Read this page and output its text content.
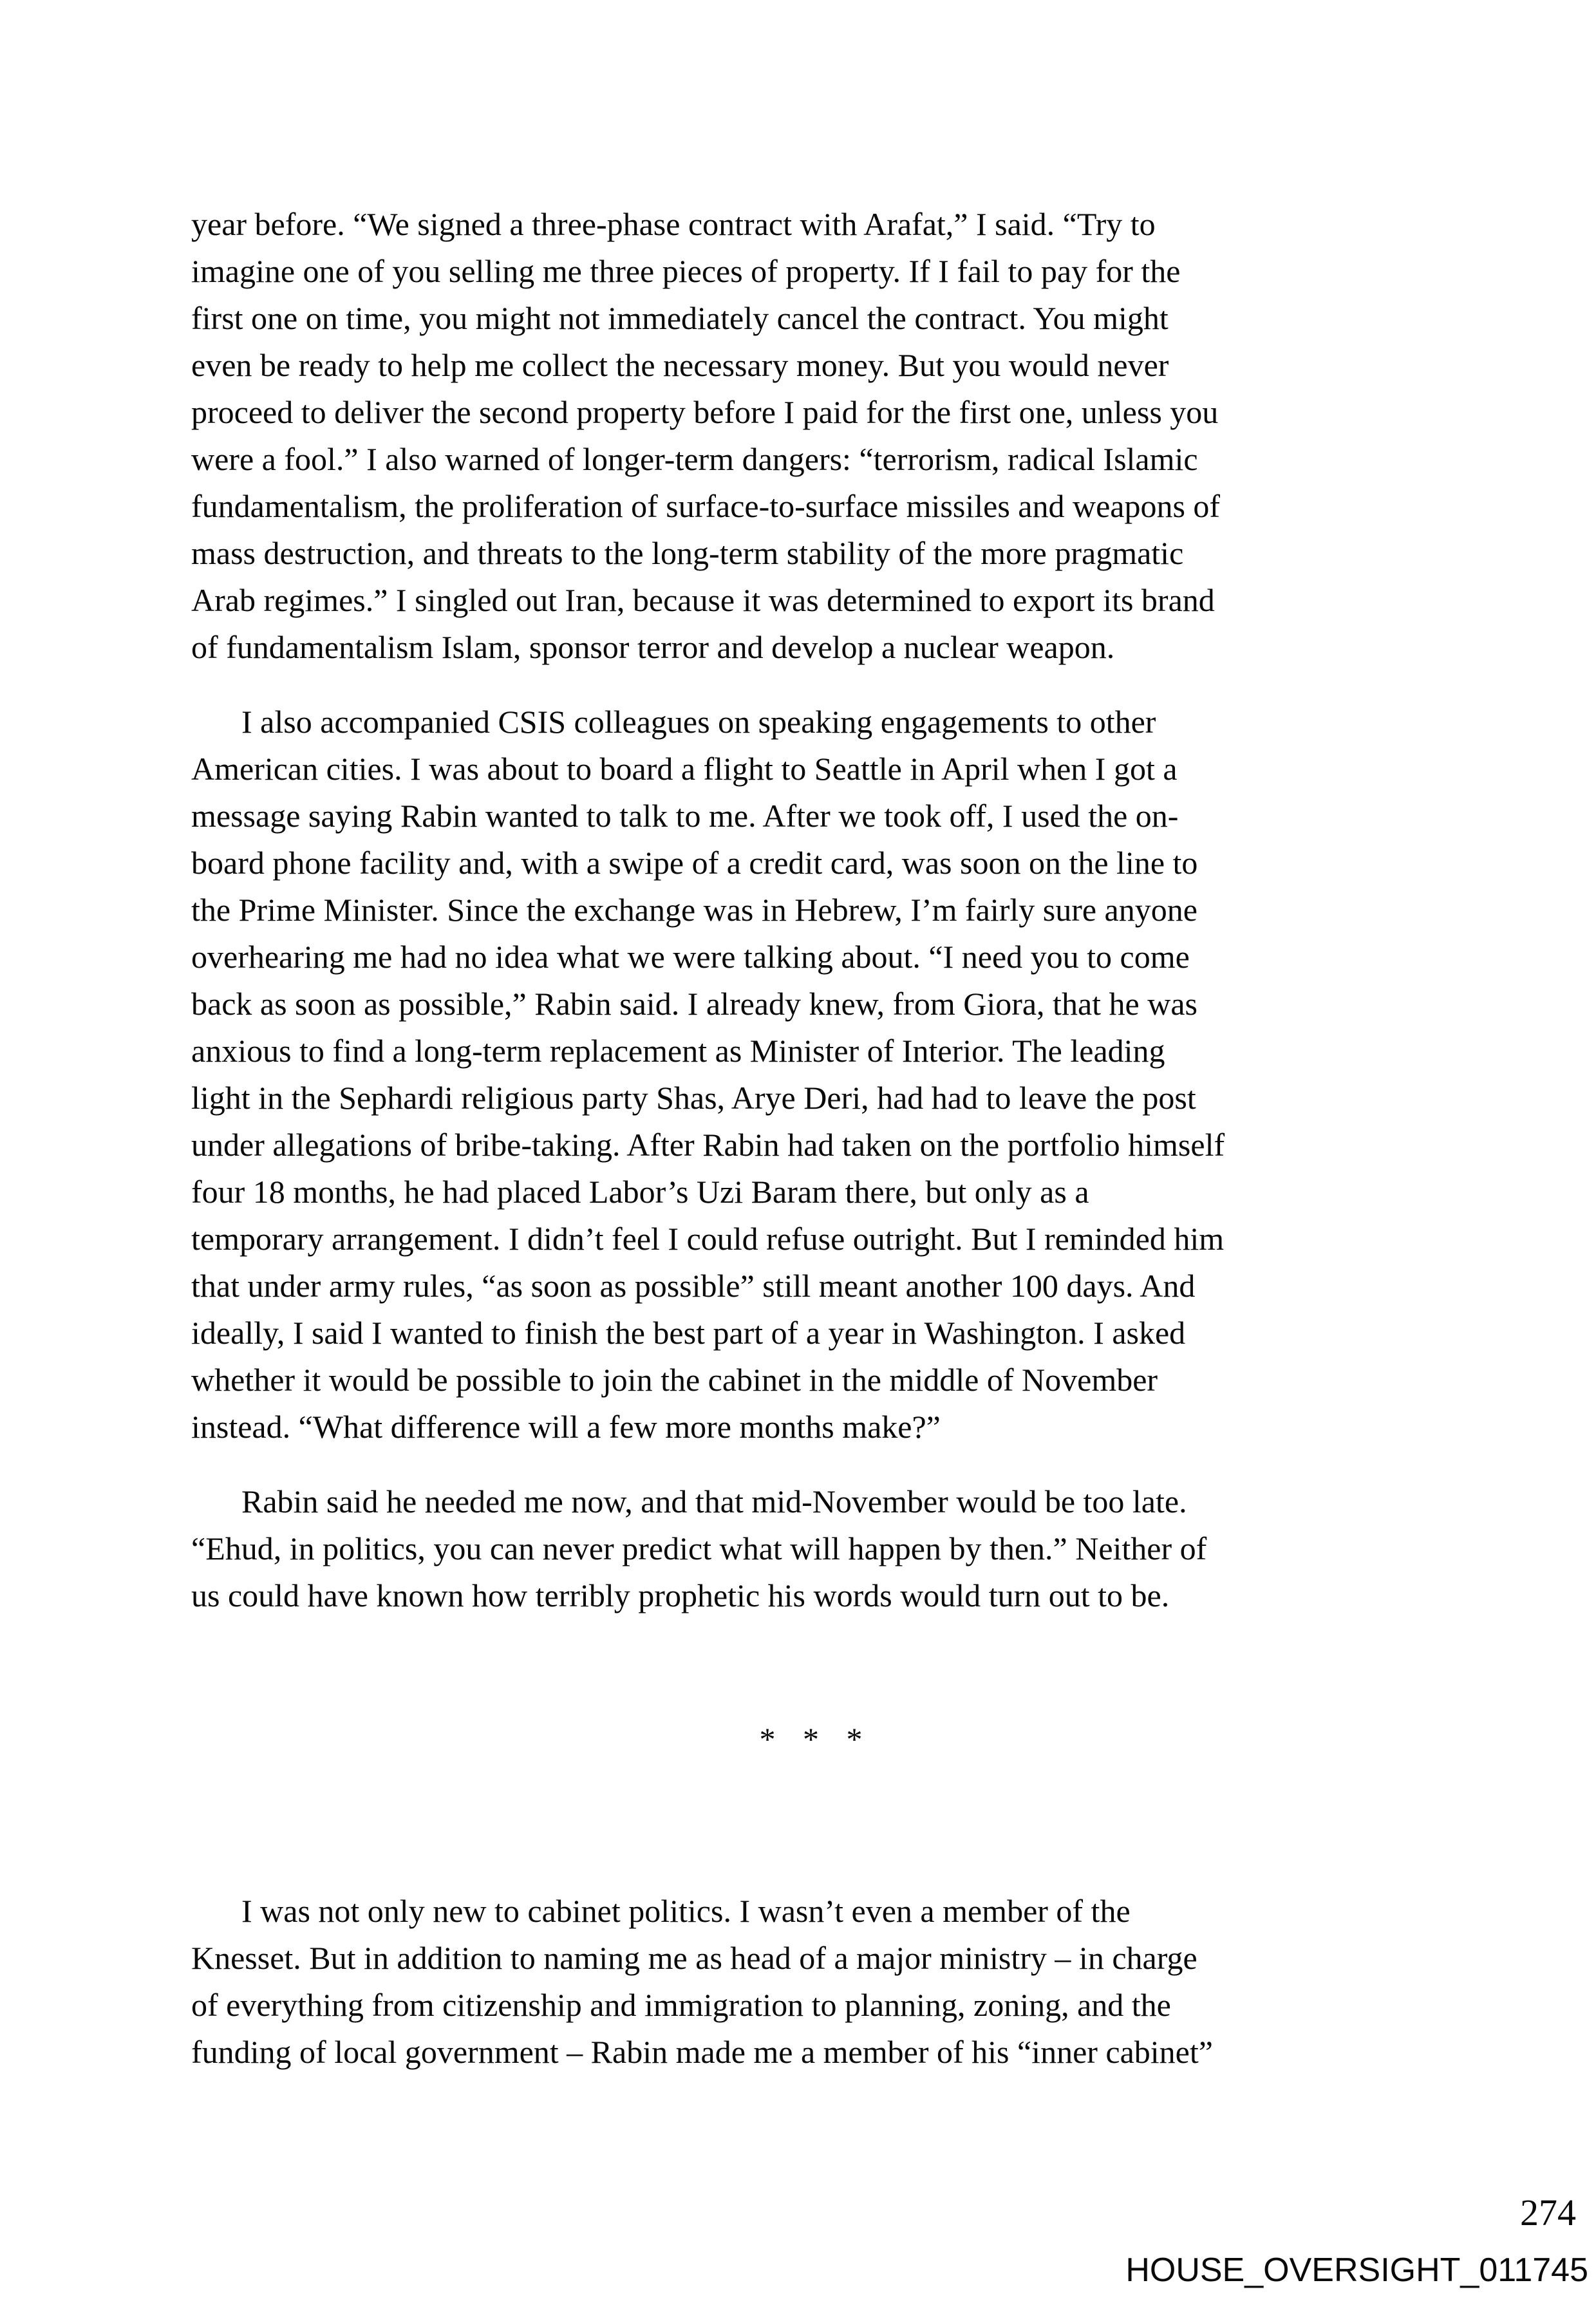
year before. “We signed a three-phase contract with Arafat,” I said. “Try to
imagine one of you selling me three pieces of property. If I fail to pay for the
first one on time, you might not immediately cancel the contract. You might
even be ready to help me collect the necessary money. But you would never
proceed to deliver the second property before I paid for the first one, unless you
were a fool.” I also warned of longer-term dangers: “terrorism, radical Islamic
fundamentalism, the proliferation of surface-to-surface missiles and weapons of
mass destruction, and threats to the long-term stability of the more pragmatic
Arab regimes.” I singled out Iran, because it was determined to export its brand
of fundamentalism Islam, sponsor terror and develop a nuclear weapon.
I also accompanied CSIS colleagues on speaking engagements to other
American cities. I was about to board a flight to Seattle in April when I got a
message saying Rabin wanted to talk to me. After we took off, I used the on-
board phone facility and, with a swipe of a credit card, was soon on the line to
the Prime Minister. Since the exchange was in Hebrew, I’m fairly sure anyone
overhearing me had no idea what we were talking about. “I need you to come
back as soon as possible,” Rabin said. I already knew, from Giora, that he was
anxious to find a long-term replacement as Minister of Interior. The leading
light in the Sephardi religious party Shas, Arye Deri, had had to leave the post
under allegations of bribe-taking. After Rabin had taken on the portfolio himself
four 18 months, he had placed Labor’s Uzi Baram there, but only as a
temporary arrangement. I didn’t feel I could refuse outright. But I reminded him
that under army rules, “as soon as possible” still meant another 100 days. And
ideally, I said I wanted to finish the best part of a year in Washington. I asked
whether it would be possible to join the cabinet in the middle of November
instead. “What difference will a few more months make?”
Rabin said he needed me now, and that mid-November would be too late.
“Ehud, in politics, you can never predict what will happen by then.” Neither of
us could have known how terribly prophetic his words would turn out to be.
* * *
I was not only new to cabinet politics. I wasn’t even a member of the
Knesset. But in addition to naming me as head of a major ministry – in charge
of everything from citizenship and immigration to planning, zoning, and the
funding of local government – Rabin made me a member of his “inner cabinet”
274
HOUSE_OVERSIGHT_011745
